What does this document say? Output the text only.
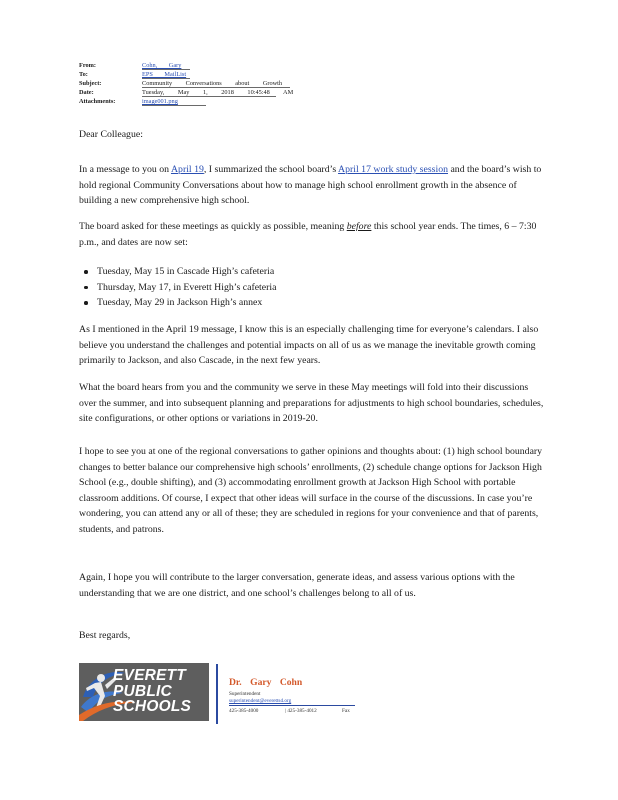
From:	Cohn, Gary
To:	EPS MailList
Subject:	Community Conversations about Growth
Date:	Tuesday, May 1, 2018 10:45:48 AM
Attachments:	image001.png

Dear Colleague:

In a message to you on April 19, I summarized the school board’s April 17 work study session and the board’s wish to hold regional Community Conversations about how to manage high school enrollment growth in the absence of building a new comprehensive high school.

The board asked for these meetings as quickly as possible, meaning before this school year ends. The times, 6 – 7:30 p.m., and dates are now set:

Tuesday, May 15 in Cascade High’s cafeteria
Thursday, May 17, in Everett High’s cafeteria
Tuesday, May 29 in Jackson High’s annex

As I mentioned in the April 19 message, I know this is an especially challenging time for everyone’s calendars. I also believe you understand the challenges and potential impacts on all of us as we manage the inevitable growth coming primarily to Jackson, and also Cascade, in the next few years.

What the board hears from you and the community we serve in these May meetings will fold into their discussions over the summer, and into subsequent planning and preparations for adjustments to high school boundaries, schedules, site configurations, or other options or variations in 2019-20.

I hope to see you at one of the regional conversations to gather opinions and thoughts about: (1) high school boundary changes to better balance our comprehensive high schools’ enrollments, (2) schedule change options for Jackson High School (e.g., double shifting), and (3) accommodating enrollment growth at Jackson High School with portable classroom additions. Of course, I expect that other ideas will surface in the course of the discussions. In case you’re wondering, you can attend any or all of these; they are scheduled in regions for your convenience and that of parents, students, and patrons.

Again, I hope you will contribute to the larger conversation, generate ideas, and assess various options with the understanding that we are one district, and one school’s challenges belong to all of us.

Best regards,

EVERETT
PUBLIC
SCHOOLS
Dr. Gary Cohn
Superintendent
superintendent@everettsd.org
425-385-4000	| 425-385-4012	Fax
